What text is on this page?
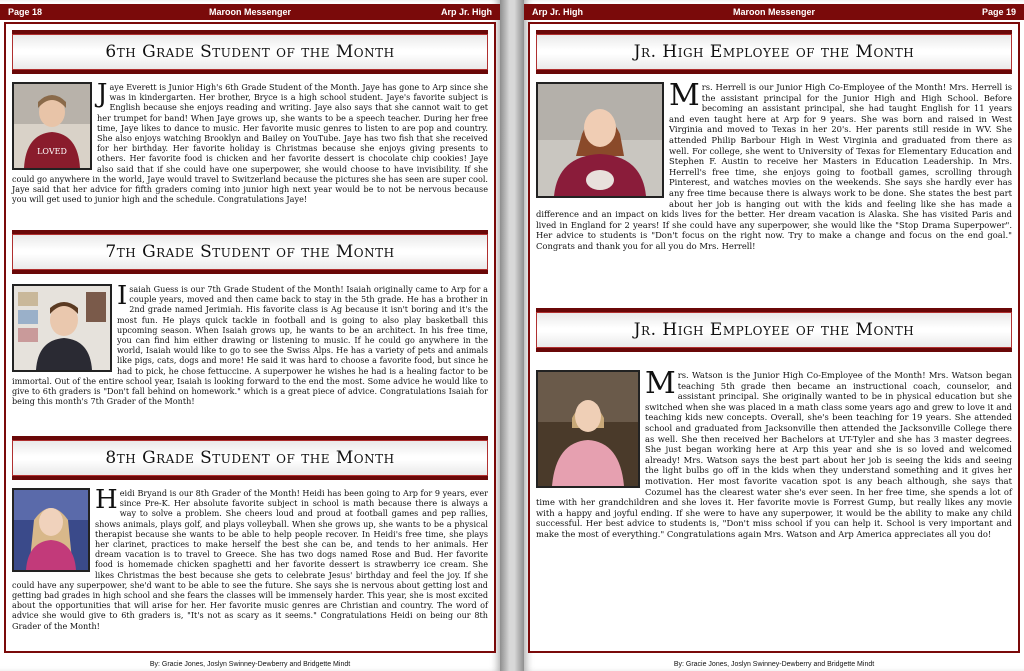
Page 18	Maroon Messenger	Arp Jr. High
6th Grade Student of the Month
LOVED
J aye Everett is Junior High's 6th Grade Student of the Month. Jaye has gone to Arp since she was in kindergarten. Her brother, Bryce is a high school student. Jaye's favorite subject is English because she enjoys reading and writing. Jaye also says that she cannot wait to get her trumpet for band! When Jaye grows up, she wants to be a speech teacher. During her free time, Jaye likes to dance to music. Her favorite music genres to listen to are pop and country. She also enjoys watching Brooklyn and Bailey on YouTube. Jaye has two fish that she received for her birthday. Her favorite holiday is Christmas because she enjoys giving presents to others. Her favorite food is chicken and her favorite dessert is chocolate chip cookies! Jaye also said that if she could have one superpower, she would choose to have invisibility. If she could go anywhere in the world, Jaye would travel to Switzerland because the pictures she has seen are super cool. Jaye said that her advice for fifth graders coming into junior high next year would be to not be nervous because you will get used to junior high and the schedule. Congratulations Jaye!
7th Grade Student of the Month
I saiah Guess is our 7th Grade Student of the Month! Isaiah originally came to Arp for a couple years, moved and then came back to stay in the 5th grade. He has a brother in 2nd grade named Jerimiah. His favorite class is Ag because it isn't boring and it's the most fun. He plays quick tackle in football and is going to also play basketball this upcoming season. When Isaiah grows up, he wants to be an architect. In his free time, you can find him either drawing or listening to music. If he could go anywhere in the world, Isaiah would like to go to see the Swiss Alps. He has a variety of pets and animals like pigs, cats, dogs and more! He said it was hard to choose a favorite food, but since he had to pick, he chose fettuccine. A superpower he wishes he had is a healing factor to be immortal. Out of the entire school year, Isaiah is looking forward to the end the most. Some advice he would like to give to 6th graders is "Don't fall behind on homework." which is a great piece of advice. Congratulations Isaiah for being this month's 7th Grader of the Month!
8th Grade Student of the Month
H eidi Bryand is our 8th Grader of the Month! Heidi has been going to Arp for 9 years, ever since Pre-K. Her absolute favorite subject in school is math because there is always a way to solve a problem. She cheers loud and proud at football games and pep rallies, shows animals, plays golf, and plays volleyball. When she grows up, she wants to be a physical therapist because she wants to be able to help people recover. In Heidi's free time, she plays her clarinet, practices to make herself the best she can be, and tends to her animals. Her dream vacation is to travel to Greece. She has two dogs named Rose and Bud. Her favorite food is homemade chicken spaghetti and her favorite dessert is strawberry ice cream. She likes Christmas the best because she gets to celebrate Jesus' birthday and feel the joy. If she could have any superpower, she'd want to be able to see the future. She says she is nervous about getting lost and getting bad grades in high school and she fears the classes will be immensely harder. This year, she is most excited about the opportunities that will arise for her. Her favorite music genres are Christian and country. The word of advice she would give to 6th graders is, "It's not as scary as it seems." Congratulations Heidi on being our 8th Grader of the Month!
By: Gracie Jones, Joslyn Swinney-Dewberry and Bridgette Mindt
Arp Jr. High	Maroon Messenger	Page 19
Jr. High Employee of the Month
M rs. Herrell is our Junior High Co-Employee of the Month! Mrs. Herrell is the assistant principal for the Junior High and High School. Before becoming an assistant principal, she had taught English for 11 years and even taught here at Arp for 9 years. She was born and raised in West Virginia and moved to Texas in her 20's. Her parents still reside in WV. She attended Philip Barbour High in West Virginia and graduated from there as well. For college, she went to University of Texas for Elementary Education and Stephen F. Austin to receive her Masters in Education Leadership. In Mrs. Herrell's free time, she enjoys going to football games, scrolling through Pinterest, and watches movies on the weekends. She says she hardly ever has any free time because there is always work to be done. She states the best part about her job is hanging out with the kids and feeling like she has made a difference and an impact on kids lives for the better. Her dream vacation is Alaska. She has visited Paris and lived in England for 2 years! If she could have any superpower, she would like the "Stop Drama Superpower". Her advice to students is "Don't focus on the right now. Try to make a change and focus on the end goal." Congrats and thank you for all you do Mrs. Herrell!
Jr. High Employee of the Month
M rs. Watson is the Junior High Co-Employee of the Month! Mrs. Watson began teaching 5th grade then became an instructional coach, counselor, and assistant principal. She originally wanted to be in physical education but she switched when she was placed in a math class some years ago and grew to love it and teaching kids new concepts. Overall, she's been teaching for 19 years. She attended school and graduated from Jacksonville then attended the Jacksonville College there as well. She then received her Bachelors at UT-Tyler and she has 3 master degrees. She just began working here at Arp this year and she is so loved and welcomed already! Mrs. Watson says the best part about her job is seeing the kids and seeing the light bulbs go off in the kids when they understand something and it gives her motivation. Her most favorite vacation spot is any beach although, she says that Cozumel has the clearest water she's ever seen. In her free time, she spends a lot of time with her grandchildren and she loves it. Her favorite movie is Forrest Gump, but really likes any movie with a happy and joyful ending. If she were to have any superpower, it would be the ability to make any child successful. Her best advice to students is, "Don't miss school if you can help it. School is very important and make the most of everything." Congratulations again Mrs. Watson and Arp America appreciates all you do!
By: Gracie Jones, Joslyn Swinney-Dewberry and Bridgette Mindt
